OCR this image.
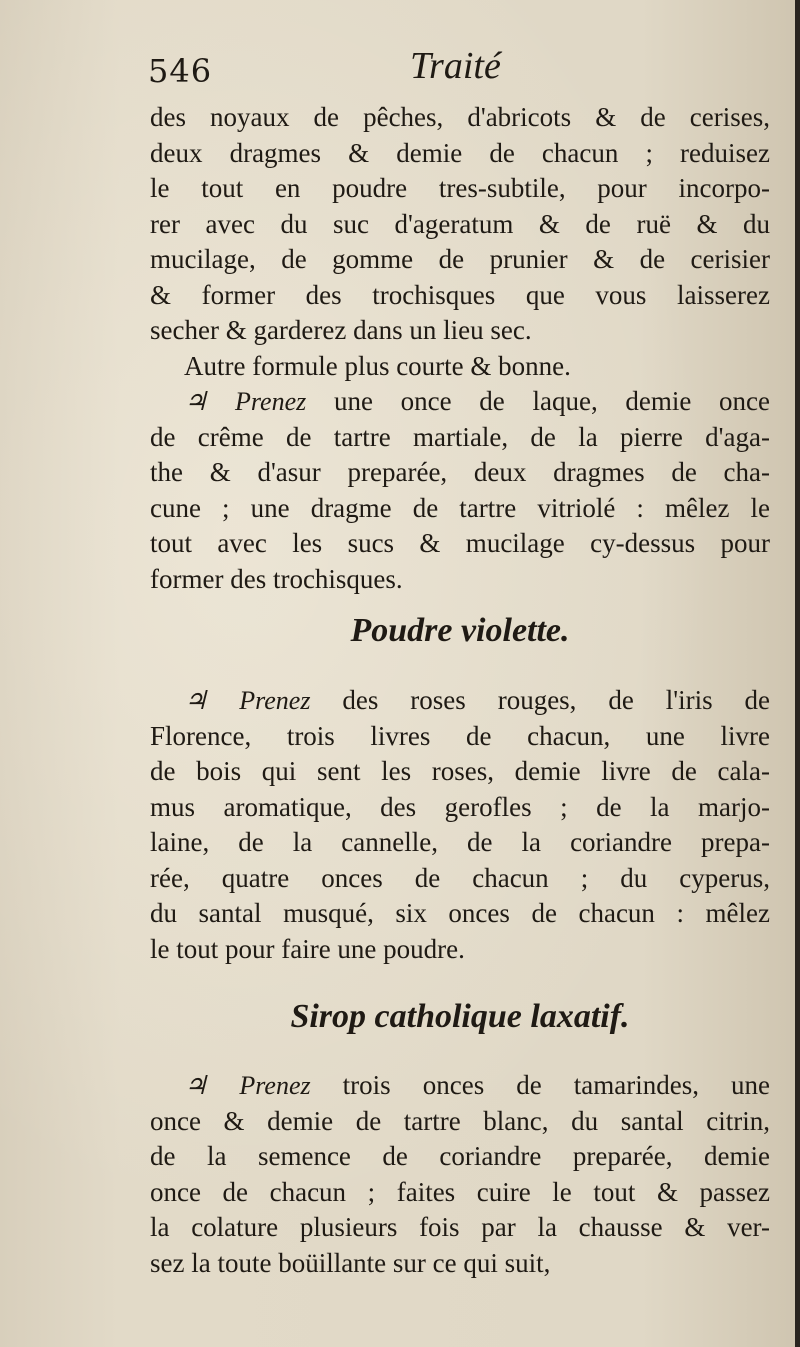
546	Traité
des noyaux de pêches, d'abricots & de cerises,
deux dragmes & demie de chacun ; reduisez
le tout en poudre tres-subtile, pour incorpo-
rer avec du suc d'ageratum & de ruë & du
mucilage, de gomme de prunier & de cerisier
& former des trochisques que vous laisserez
secher & garderez dans un lieu sec.
Autre formule plus courte & bonne.
♃ Prenez une once de laque, demie once
de crême de tartre martiale, de la pierre d'aga-
the & d'asur preparée, deux dragmes de cha-
cune ; une dragme de tartre vitriolé : mêlez le
tout avec les sucs & mucilage cy-dessus pour
former des trochisques.
Poudre violette.
♃ Prenez des roses rouges, de l'iris de
Florence, trois livres de chacun, une livre
de bois qui sent les roses, demie livre de cala-
mus aromatique, des gerofles ; de la marjo-
laine, de la cannelle, de la coriandre prepa-
rée, quatre onces de chacun ; du cyperus,
du santal musqué, six onces de chacun : mêlez
le tout pour faire une poudre.
Sirop catholique laxatif.
♃ Prenez trois onces de tamarindes, une
once & demie de tartre blanc, du santal citrin,
de la semence de coriandre preparée, demie
once de chacun ; faites cuire le tout & passez
la colature plusieurs fois par la chausse & ver-
sez la toute boüillante sur ce qui suit,
